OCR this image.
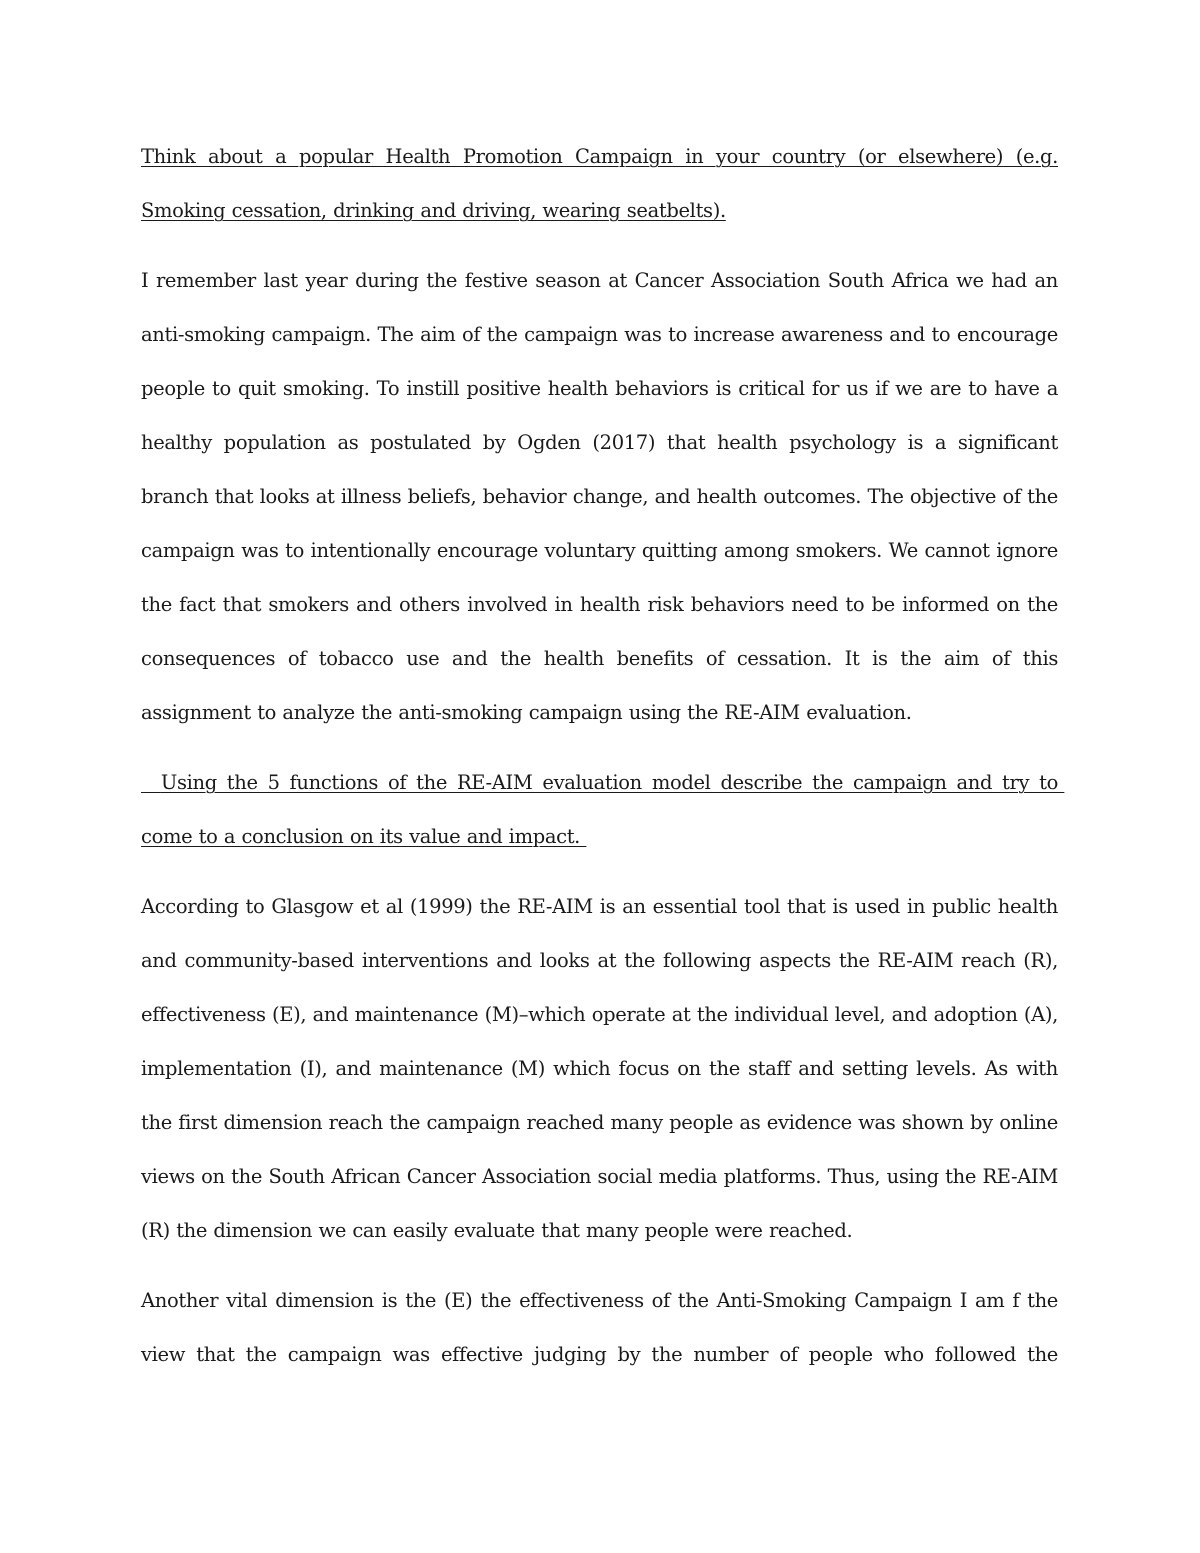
Think about a popular Health Promotion Campaign in your country (or elsewhere) (e.g. Smoking cessation, drinking and driving, wearing seatbelts).

I remember last year during the festive season at Cancer Association South Africa we had an anti-smoking campaign. The aim of the campaign was to increase awareness and to encourage people to quit smoking. To instill positive health behaviors is critical for us if we are to have a healthy population as postulated by Ogden (2017) that health psychology is a significant branch that looks at illness beliefs, behavior change, and health outcomes. The objective of the campaign was to intentionally encourage voluntary quitting among smokers. We cannot ignore the fact that smokers and others involved in health risk behaviors need to be informed on the consequences of tobacco use and the health benefits of cessation. It is the aim of this assignment to analyze the anti-smoking campaign using the RE-AIM evaluation.

Using the 5 functions of the RE-AIM evaluation model describe the campaign and try to come to a conclusion on its value and impact.

According to Glasgow et al (1999) the RE-AIM is an essential tool that is used in public health and community-based interventions and looks at the following aspects the RE-AIM reach (R), effectiveness (E), and maintenance (M)–which operate at the individual level, and adoption (A), implementation (I), and maintenance (M) which focus on the staff and setting levels. As with the first dimension reach the campaign reached many people as evidence was shown by online views on the South African Cancer Association social media platforms. Thus, using the RE-AIM (R) the dimension we can easily evaluate that many people were reached.

Another vital dimension is the (E) the effectiveness of the Anti-Smoking Campaign I am f the view that the campaign was effective judging by the number of people who followed the
